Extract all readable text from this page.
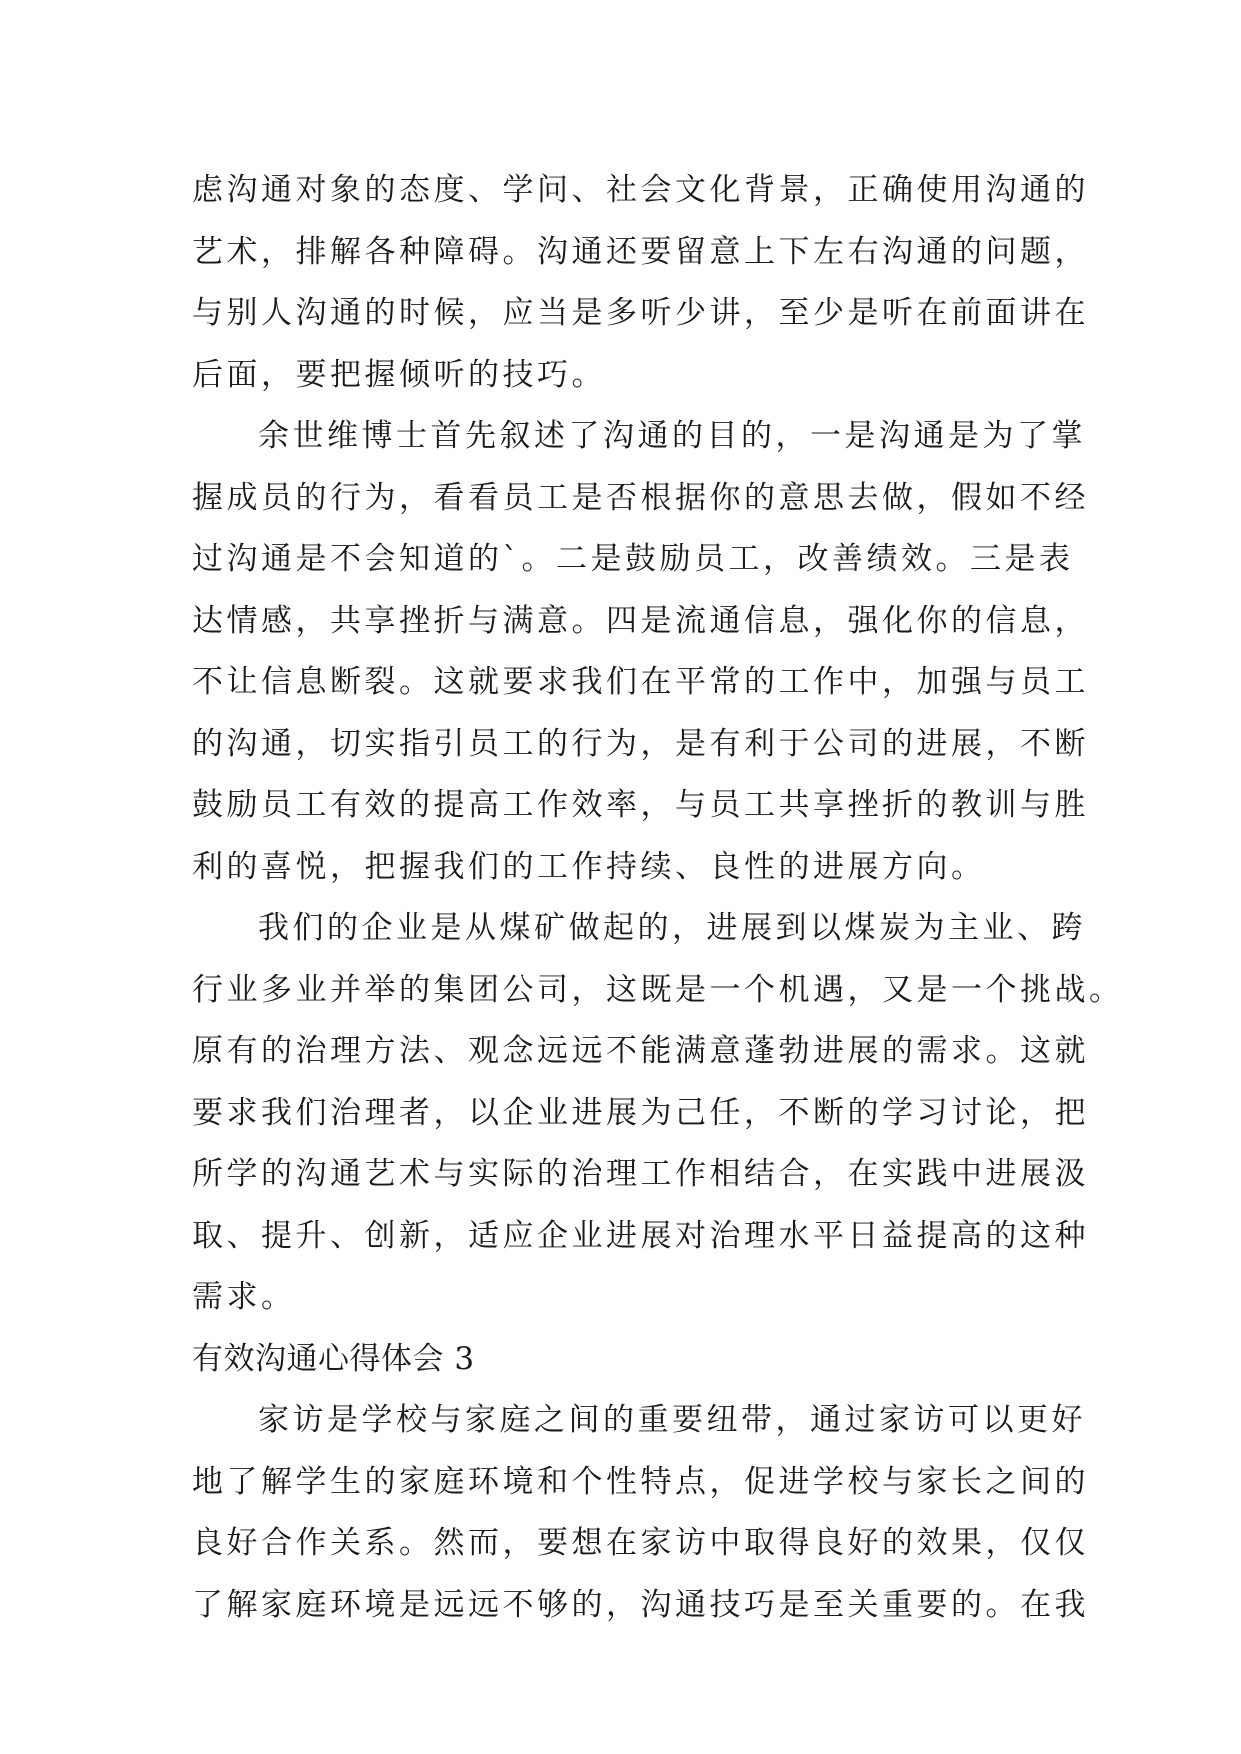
虑沟通对象的态度、学问、社会文化背景，正确使用沟通的
艺术，排解各种障碍。沟通还要留意上下左右沟通的问题，
与别人沟通的时候，应当是多听少讲，至少是听在前面讲在
后面，要把握倾听的技巧。
余世维博士首先叙述了沟通的目的，一是沟通是为了掌
握成员的行为，看看员工是否根据你的意思去做，假如不经
过沟通是不会知道的`。二是鼓励员工，改善绩效。三是表
达情感，共享挫折与满意。四是流通信息，强化你的信息，
不让信息断裂。这就要求我们在平常的工作中，加强与员工
的沟通，切实指引员工的行为，是有利于公司的进展，不断
鼓励员工有效的提高工作效率，与员工共享挫折的教训与胜
利的喜悦，把握我们的工作持续、良性的进展方向。
我们的企业是从煤矿做起的，进展到以煤炭为主业、跨
行业多业并举的集团公司，这既是一个机遇，又是一个挑战。
原有的治理方法、观念远远不能满意蓬勃进展的需求。这就
要求我们治理者，以企业进展为己任，不断的学习讨论，把
所学的沟通艺术与实际的治理工作相结合，在实践中进展汲
取、提升、创新，适应企业进展对治理水平日益提高的这种
需求。
有效沟通心得体会 3
家访是学校与家庭之间的重要纽带，通过家访可以更好
地了解学生的家庭环境和个性特点，促进学校与家长之间的
良好合作关系。然而，要想在家访中取得良好的效果，仅仅
了解家庭环境是远远不够的，沟通技巧是至关重要的。在我
